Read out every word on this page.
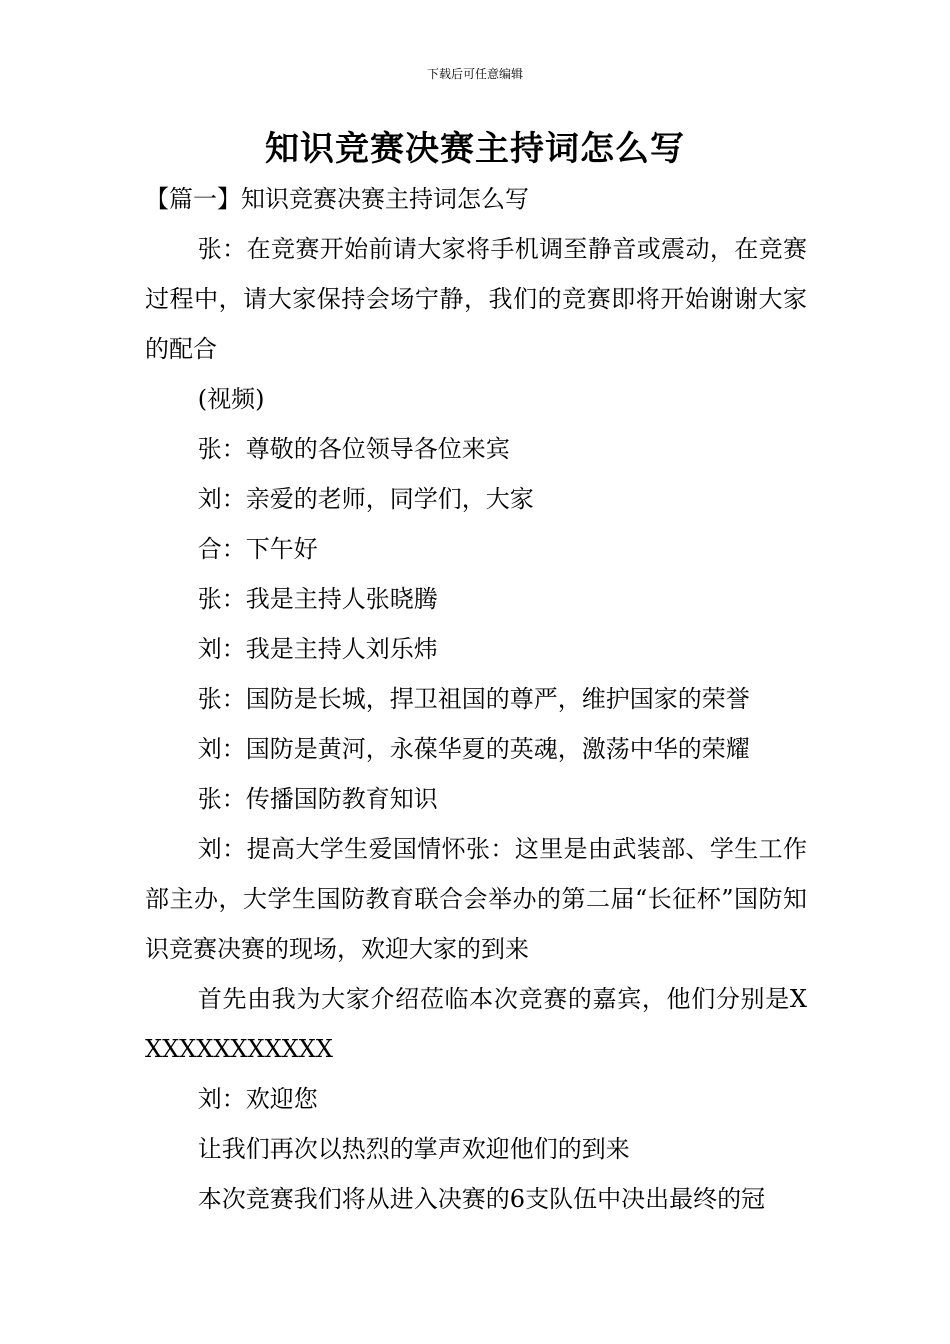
下载后可任意编辑
知识竞赛决赛主持词怎么写

【篇一】知识竞赛决赛主持词怎么写

张：在竞赛开始前请大家将手机调至静音或震动，在竞赛过程中，请大家保持会场宁静，我们的竞赛即将开始谢谢大家的配合

(视频)

张：尊敬的各位领导各位来宾

刘：亲爱的老师，同学们，大家

合：下午好

张：我是主持人张晓腾

刘：我是主持人刘乐炜

张：国防是长城，捍卫祖国的尊严，维护国家的荣誉

刘：国防是黄河，永葆华夏的英魂，激荡中华的荣耀

张：传播国防教育知识

刘：提高大学生爱国情怀张：这里是由武装部、学生工作部主办，大学生国防教育联合会举办的第二届“长征杯”国防知识竞赛决赛的现场，欢迎大家的到来

首先由我为大家介绍莅临本次竞赛的嘉宾，他们分别是XXXXXXXXXXXX

刘：欢迎您

让我们再次以热烈的掌声欢迎他们的到来

本次竞赛我们将从进入决赛的6支队伍中决出最终的冠
